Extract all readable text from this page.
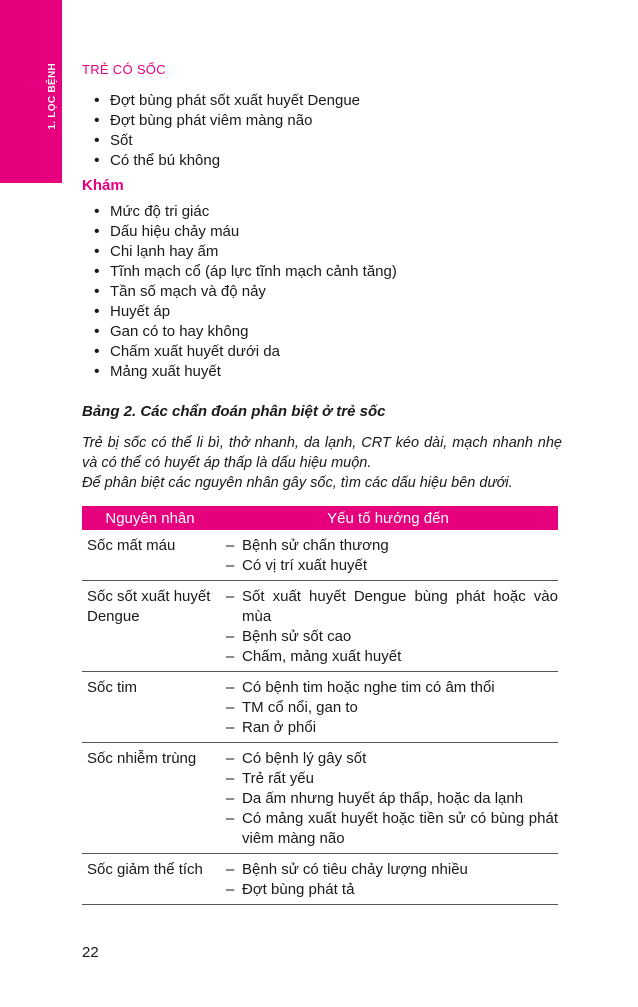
1. LỌC BỆNH TRẺ CÓ SỐC
• Đợt bùng phát sốt xuất huyết Dengue
• Đợt bùng phát viêm màng não
• Sốt
• Có thể bú không
Khám
• Mức độ tri giác
• Dấu hiệu chảy máu
• Chi lạnh hay ấm
• Tĩnh mạch cổ (áp lực tĩnh mạch cảnh tăng)
• Tần số mạch và độ nảy
• Huyết áp
• Gan có to hay không
• Chấm xuất huyết dưới da
• Mảng xuất huyết
Bảng 2. Các chẩn đoán phân biệt ở trẻ sốc
Trẻ bị sốc có thể li bì, thở nhanh, da lạnh, CRT kéo dài, mạch nhanh nhẹ
và có thể có huyết áp thấp là dấu hiệu muộn.
Để phân biệt các nguyên nhân gây sốc, tìm các dấu hiệu bên dưới.
Nguyên nhân	Yếu tố hướng đến
Sốc mất máu	– Bệnh sử chấn thương
– Có vị trí xuất huyết

Sốc sốt xuất huyết Dengue	– Sốt xuất huyết Dengue bùng phát hoặc vào mùa
– Bệnh sử sốt cao
– Chấm, mảng xuất huyết

Sốc tim	– Có bệnh tim hoặc nghe tim có âm thổi
– TM cổ nổi, gan to
– Ran ở phổi

Sốc nhiễm trùng	– Có bệnh lý gây sốt
– Trẻ rất yếu
– Da ấm nhưng huyết áp thấp, hoặc da lạnh
– Có mảng xuất huyết hoặc tiền sử có bùng phát viêm màng não

Sốc giảm thể tích	– Bệnh sử có tiêu chảy lượng nhiều
– Đợt bùng phát tả
22
